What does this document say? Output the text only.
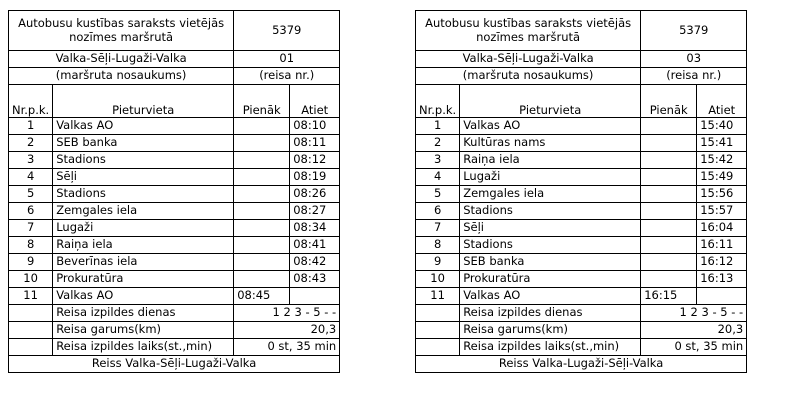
Autobusu kustības saraksts vietējās nozīmes maršrutā		5379	
Valka-Sēļi-Lugaži-Valka		01	
(maršruta nosaukums)		(reisa nr.)	
Nr.p.k.	Pieturvieta	Pienāk	Atiet
1	Valkas AO		08:10
2	SEB banka		08:11
3	Stadions		08:12
4	Sēļi		08:19
5	Stadions		08:26
6	Zemgales iela		08:27
7	Lugaži		08:34
8	Raiņa iela		08:41
9	Beverīnas iela		08:42
10	Prokuratūra		08:43
11	Valkas AO	08:45	
	Reisa izpildes dienas	1 2 3 - 5 - -	
	Reisa garums(km)	20,3	
	Reisa izpildes laiks(st.,min)	0 st, 35 min	
Reiss Valka-Sēļi-Lugaži-Valka			
Autobusu kustības saraksts vietējās nozīmes maršrutā		5379	
Valka-Sēļi-Lugaži-Valka		03	
(maršruta nosaukums)		(reisa nr.)	
Nr.p.k.	Pieturvieta	Pienāk	Atiet
1	Valkas AO		15:40
2	Kultūras nams		15:41
3	Raiņa iela		15:42
4	Lugaži		15:49
5	Zemgales iela		15:56
6	Stadions		15:57
7	Sēļi		16:04
8	Stadions		16:11
9	SEB banka		16:12
10	Prokuratūra		16:13
11	Valkas AO	16:15	
	Reisa izpildes dienas	1 2 3 - 5 - -	
	Reisa garums(km)	20,3	
	Reisa izpildes laiks(st.,min)	0 st, 35 min	
Reiss Valka-Lugaži-Sēļi-Valka			
